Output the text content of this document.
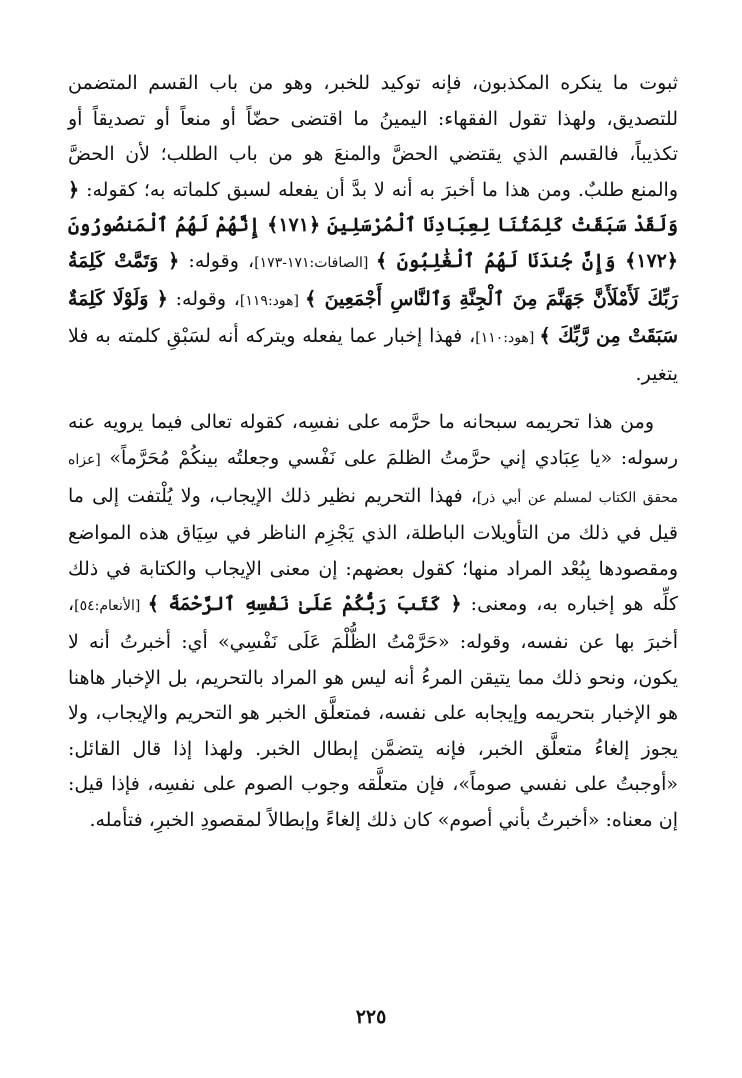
ثبوت ما ينكره المكذبون، فإنه توكيد للخبر، وهو من باب القسم المتضمن للتصديق، ولهذا تقول الفقهاء: اليمينُ ما اقتضى حضّاً أو منعاً أو تصديقاً أو تكذيباً، فالقسم الذي يقتضي الحضَّ والمنعَ هو من باب الطلب؛ لأن الحضَّ والمنع طلبٌ. ومن هذا ما أخبرَ به أنه لا بدَّ أن يفعله لسبق كلماته به؛ كقوله: ﴿ وَلَقَدْ سَبَقَتْ كَلِمَتُنَا لِعِبَادِنَا ٱلْمُرْسَلِينَ ﴿١٧١﴾ إِنَّهُمْ لَهُمُ ٱلْمَنصُورُونَ ﴿١٧٢﴾ وَإِنَّ جُندَنَا لَهُمُ ٱلْغَٰلِبُونَ ﴾ [الصافات:١٧١-١٧٣]، وقوله: ﴿ وَتَمَّتْ كَلِمَةُ رَبِّكَ لَأَمْلَأَنَّ جَهَنَّمَ مِنَ ٱلْجِنَّةِ وَٱلنَّاسِ أَجْمَعِينَ ﴾ [هود:١١٩]، وقوله: ﴿ وَلَوْلَا كَلِمَةٌ سَبَقَتْ مِن رَّبِّكَ ﴾ [هود:١١٠]، فهذا إخبار عما يفعله ويتركه أنه لسَبْقِ كلمته به فلا يتغير.

ومن هذا تحريمه سبحانه ما حرَّمه على نفسِه، كقوله تعالى فيما يرويه عنه رسوله: «يا عِبَادي إني حرَّمتُ الظلمَ على نَفْسي وجعلتُه بينكُمْ مُحَرَّماً» [عزاه محقق الكتاب لمسلم عن أبي ذر]، فهذا التحريم نظير ذلك الإيجاب، ولا يُلْتفت إلى ما قيل في ذلك من التأويلات الباطلة، الذي يَجْزِم الناظر في سِيَاق هذه المواضع ومقصودها بِبُعْد المراد منها؛ كقول بعضهم: إن معنى الإيجاب والكتابة في ذلك كلِّه هو إخباره به، ومعنى: ﴿ كَتَبَ رَبُّكُمْ عَلَىٰ نَفْسِهِ ٱلرَّحْمَةَ ﴾ [الأنعام:٥٤]، أخبرَ بها عن نفسه، وقوله: «حَرَّمْتُ الظُّلْمَ عَلَى نَفْسِي» أي: أخبرتُ أنه لا يكون، ونحو ذلك مما يتيقن المرءُ أنه ليس هو المراد بالتحريم، بل الإخبار هاهنا هو الإخبار بتحريمه وإيجابه على نفسه، فمتعلَّق الخبر هو التحريم والإيجاب، ولا يجوز إلغاءُ متعلَّق الخبر، فإنه يتضمَّن إبطال الخبر. ولهذا إذا قال القائل: «أوجبتُ على نفسي صوماً»، فإن متعلَّقه وجوب الصوم على نفسِه، فإذا قيل: إن معناه: «أخبرتُ بأني أصوم» كان ذلك إلغاءً وإبطالاً لمقصودِ الخبرِ، فتأمله.

٢٢٥
